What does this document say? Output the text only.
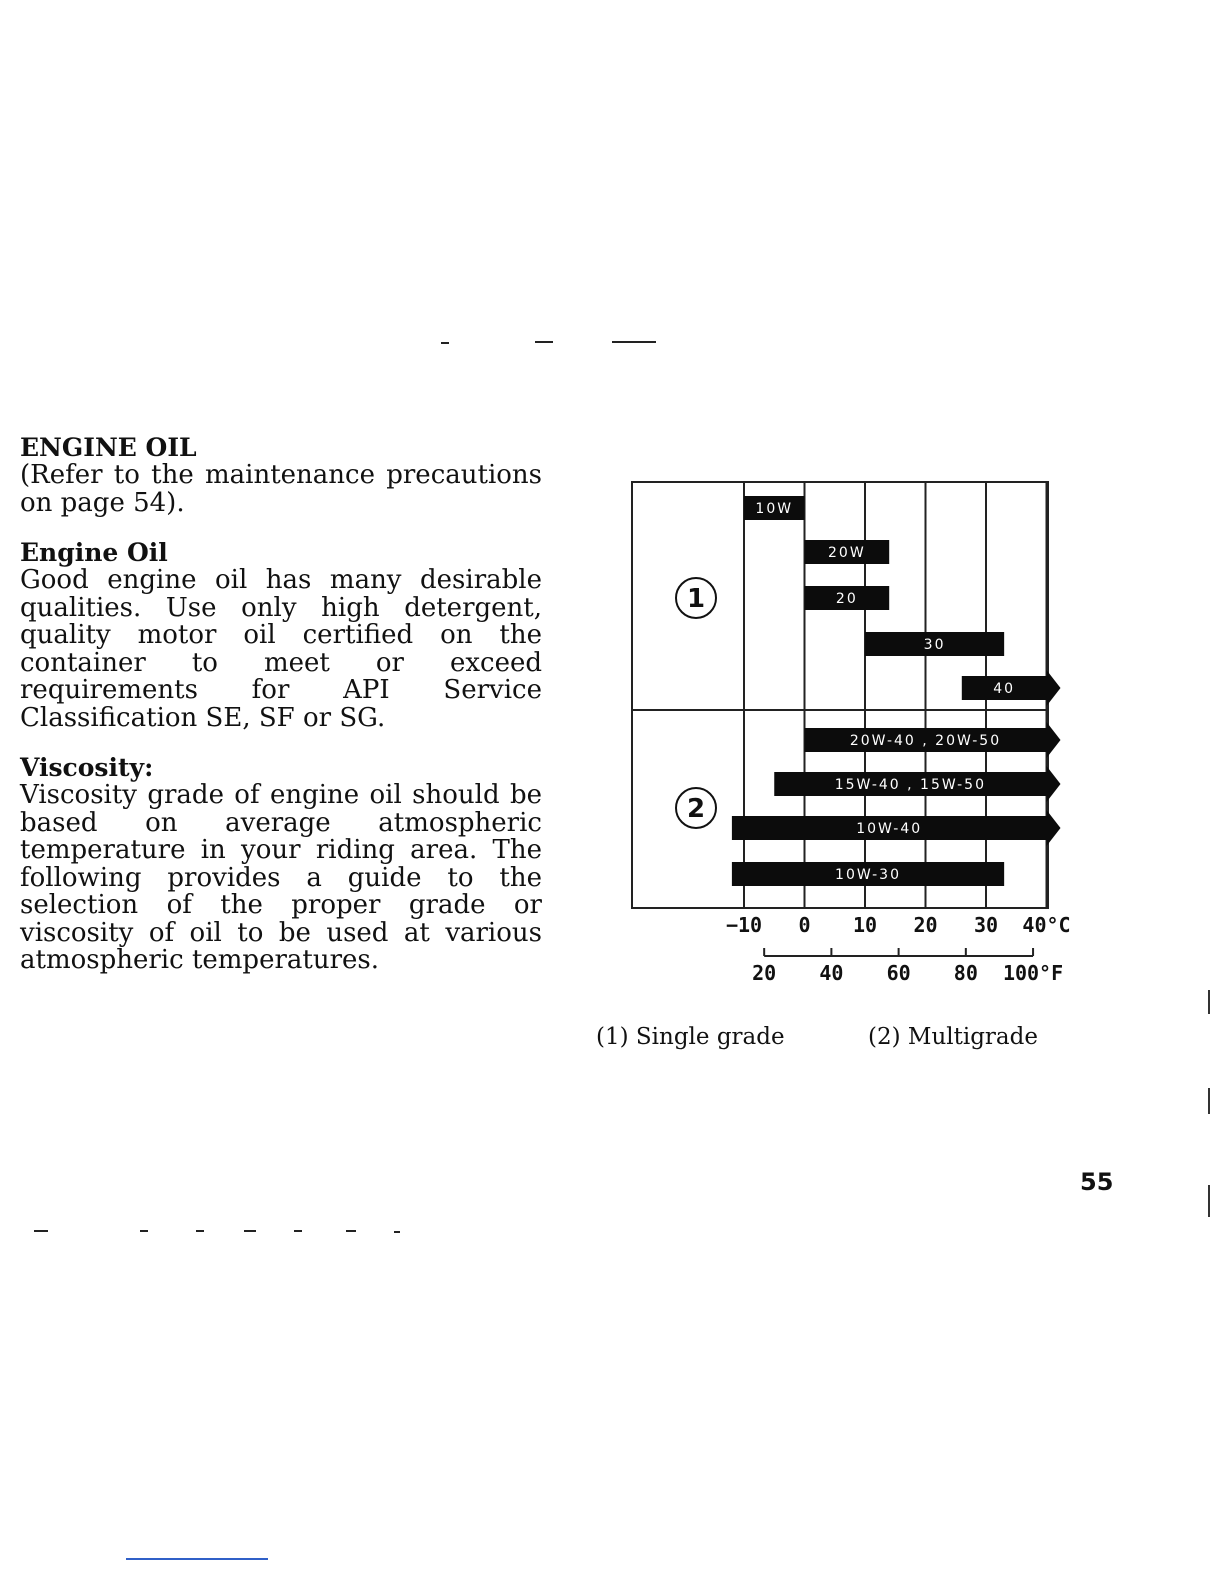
ENGINE OIL

(Refer to the maintenance precautions on page 54).

Engine Oil

Good engine oil has many desirable qualities. Use only high detergent, quality motor oil certified on the container to meet or exceed requirements for API Service Classification SE, SF or SG.

Viscosity:

Viscosity grade of engine oil should be based on average atmospheric temperature in your riding area. The following provides a guide to the selection of the proper grade or viscosity of oil to be used at various atmospheric temperatures.

1
10W
20W
20
30
40
2
20W-40 , 20W-50
15W-40 , 15W-50
10W-40
10W-30
−10 0 10 20 30 40°C
20 40 60 80 100°F
(1) Single grade	(2) Multigrade
55
